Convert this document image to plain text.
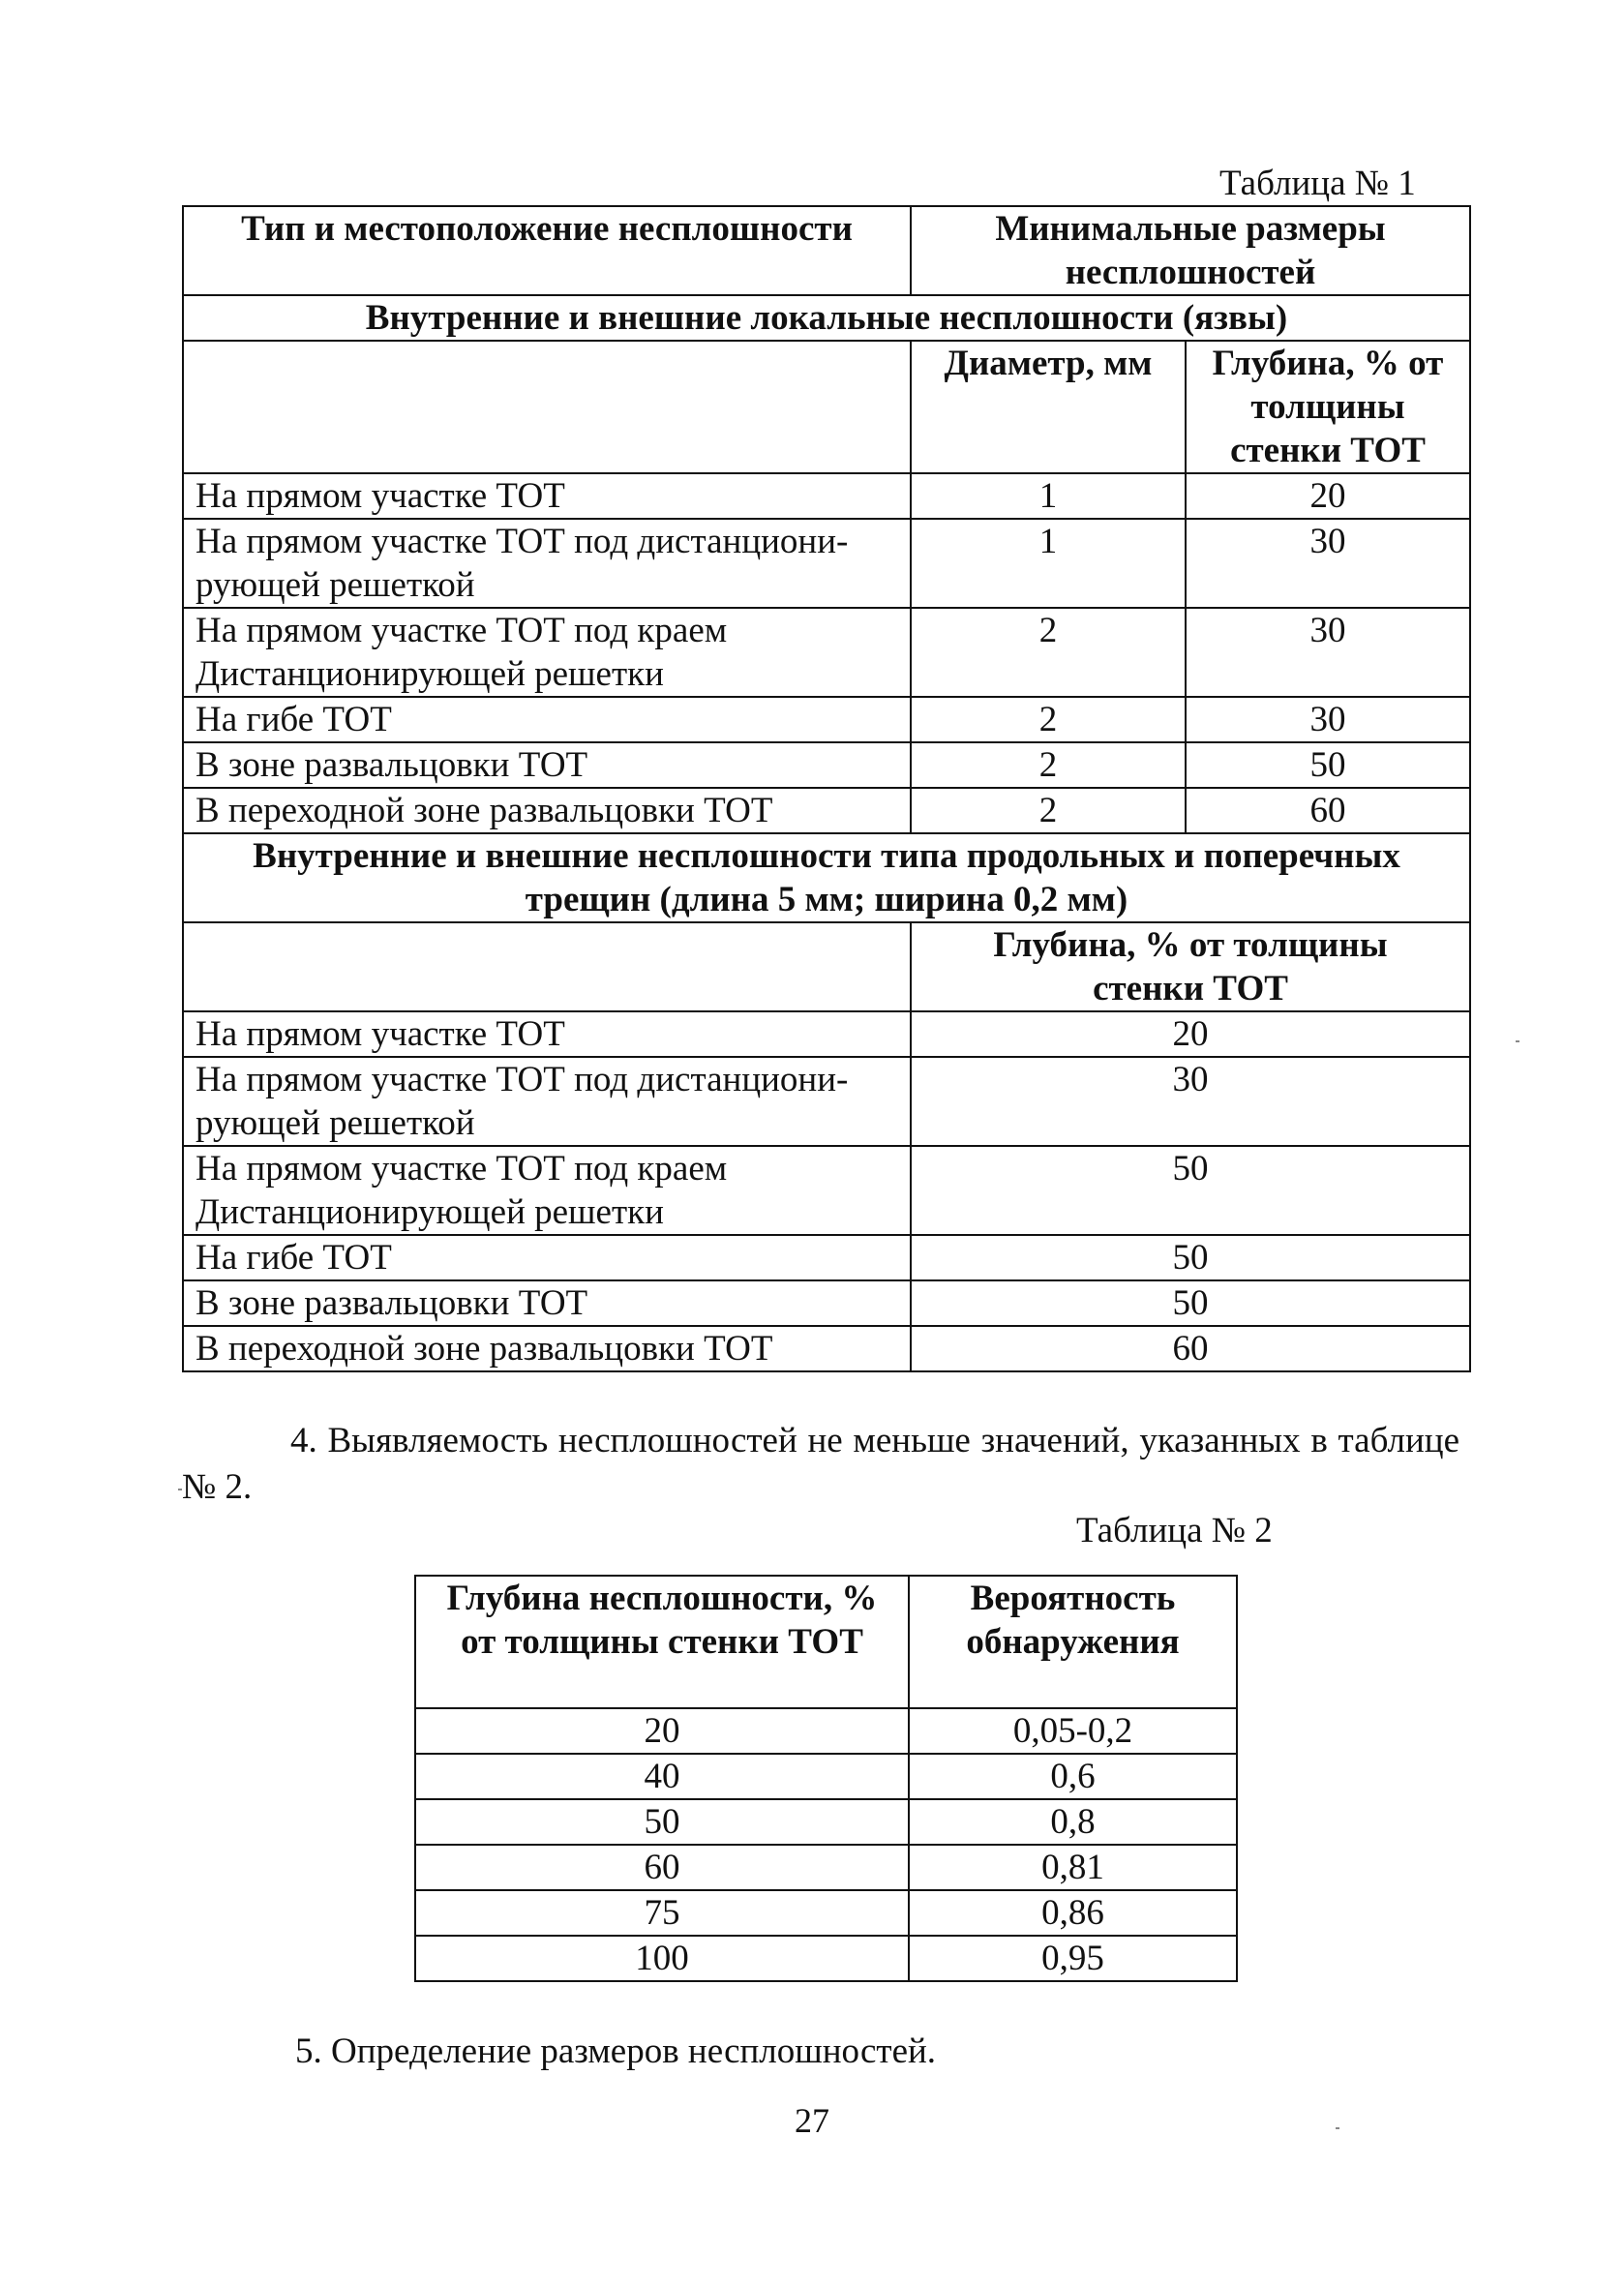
Таблица № 1
Тип и местоположение несплошности	Минимальные размеры несплошностей	
Внутренние и внешние локальные несплошности (язвы)		
	Диаметр, мм	Глубина, % от толщины стенки ТОТ
На прямом участке ТОТ	1	20
На прямом участке ТОТ под дистанциони-рующей решеткой	1	30
На прямом участке ТОТ под краем Дистанционирующей решетки	2	30
На гибе ТОТ	2	30
В зоне развальцовки ТОТ	2	50
В переходной зоне развальцовки ТОТ	2	60
Внутренние и внешние несплошности типа продольных и поперечных трещин (длина 5 мм; ширина 0,2 мм)		
	Глубина, % от толщины стенки ТОТ	
На прямом участке ТОТ	20	
На прямом участке ТОТ под дистанциони-рующей решеткой	30	
На прямом участке ТОТ под краем Дистанционирующей решетки	50	
На гибе ТОТ	50	
В зоне развальцовки ТОТ	50	
В переходной зоне развальцовки ТОТ	60	
4. Выявляемость несплошностей не меньше значений, указанных в таблице № 2.
Таблица № 2
Глубина несплошности, % от толщины стенки ТОТ	Вероятность обнаружения
20	0,05-0,2
40	0,6
50	0,8
60	0,81
75	0,86
100	0,95
5. Определение размеров несплошностей.
27
